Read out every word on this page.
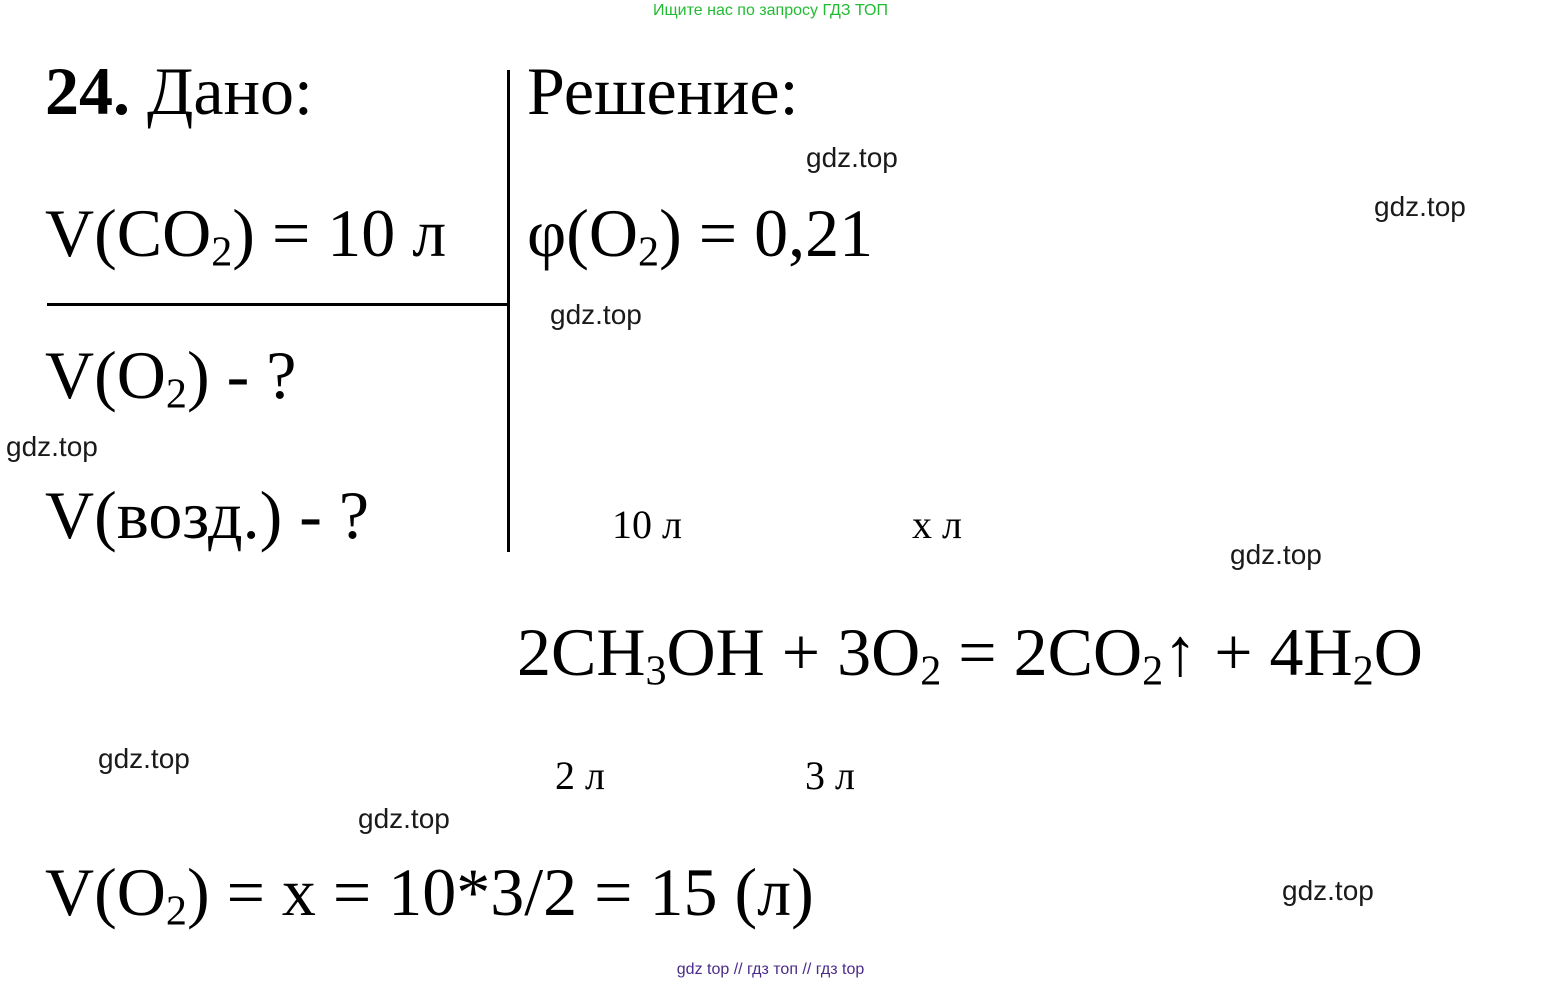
Ищите нас по запросу ГДЗ ТОП
24. Дано:	Решение:
$V(CO_2) = 10$ л $\varphi(O_2) = 0,21$
$V(O_2)$ - ?
V(возд.) - ?	10 л	x л
$2CH_3OH + 3O_2$ = $2CO_2↑ + 4H_2O$
2 л	3 л
$V(O_2) = x = 10*3/2 = 15$ (л)
gdz.top
gdz.top
gdz.top
gdz.top
gdz.top
gdz.top
gdz.top
gdz.top
gdz top // гдз топ // гдз top
